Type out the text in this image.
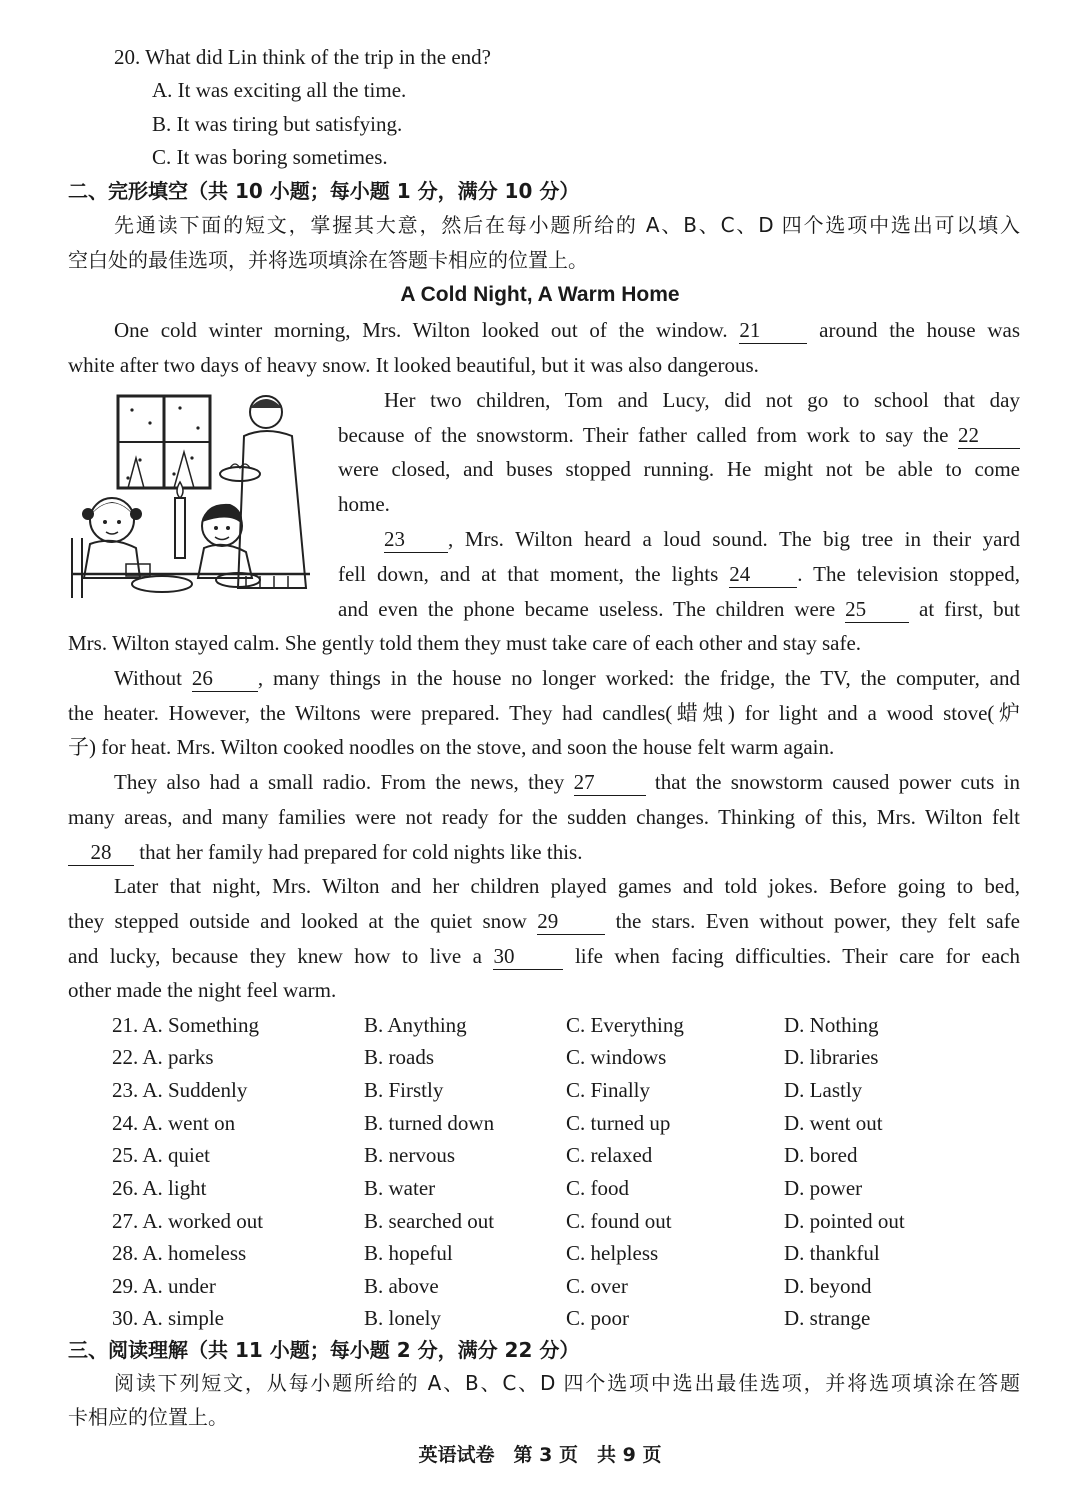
20. What did Lin think of the trip in the end?
A. It was exciting all the time.
B. It was tiring but satisfying.
C. It was boring sometimes.
二、完形填空（共 10 小题；每小题 1 分，满分 10 分）
先通读下面的短文，掌握其大意，然后在每小题所给的 A、B、C、D 四个选项中选出可以填入
空白处的最佳选项，并将选项填涂在答题卡相应的位置上。
A Cold Night, A Warm Home
One cold winter morning, Mrs. Wilton looked out of the window. 21	around the house was
white after two days of heavy snow. It looked beautiful, but it was also dangerous.
Her two children, Tom and Lucy, did not go to school that day
because of the snowstorm. Their father called from work to say the 22
were closed, and buses stopped running. He might not be able to come
home.
23 , Mrs. Wilton heard a loud sound. The big tree in their yard
fell down, and at that moment, the lights 24 . The television stopped,
and even the phone became useless. The children were 25	at first, but
Mrs. Wilton stayed calm. She gently told them they must take care of each other and stay safe.
Without 26 , many things in the house no longer worked: the fridge, the TV, the computer, and
the heater. However, the Wiltons were prepared. They had candles(蜡烛) for light and a wood stove(炉
子) for heat. Mrs. Wilton cooked noodles on the stove, and soon the house felt warm again.
They also had a small radio. From the news, they 27	that the snowstorm caused power cuts in
many areas, and many families were not ready for the sudden changes. Thinking of this, Mrs. Wilton felt
28 that her family had prepared for cold nights like this.
Later that night, Mrs. Wilton and her children played games and told jokes. Before going to bed,
they stepped outside and looked at the quiet snow 29	the stars. Even without power, they felt safe
and lucky, because they knew how to live a 30	life when facing difficulties. Their care for each
other made the night feel warm.
21. A. Something	B. Anything	C. Everything	D. Nothing
22. A. parks	B. roads	C. windows	D. libraries
23. A. Suddenly	B. Firstly	C. Finally	D. Lastly
24. A. went on	B. turned down	C. turned up	D. went out
25. A. quiet	B. nervous	C. relaxed	D. bored
26. A. light	B. water	C. food	D. power
27. A. worked out	B. searched out	C. found out	D. pointed out
28. A. homeless	B. hopeful	C. helpless	D. thankful
29. A. under	B. above	C. over	D. beyond
30. A. simple	B. lonely	C. poor	D. strange
三、阅读理解（共 11 小题；每小题 2 分，满分 22 分）
阅读下列短文，从每小题所给的 A、B、C、D 四个选项中选出最佳选项，并将选项填涂在答题
卡相应的位置上。
英语试卷　第 3 页　共 9 页
